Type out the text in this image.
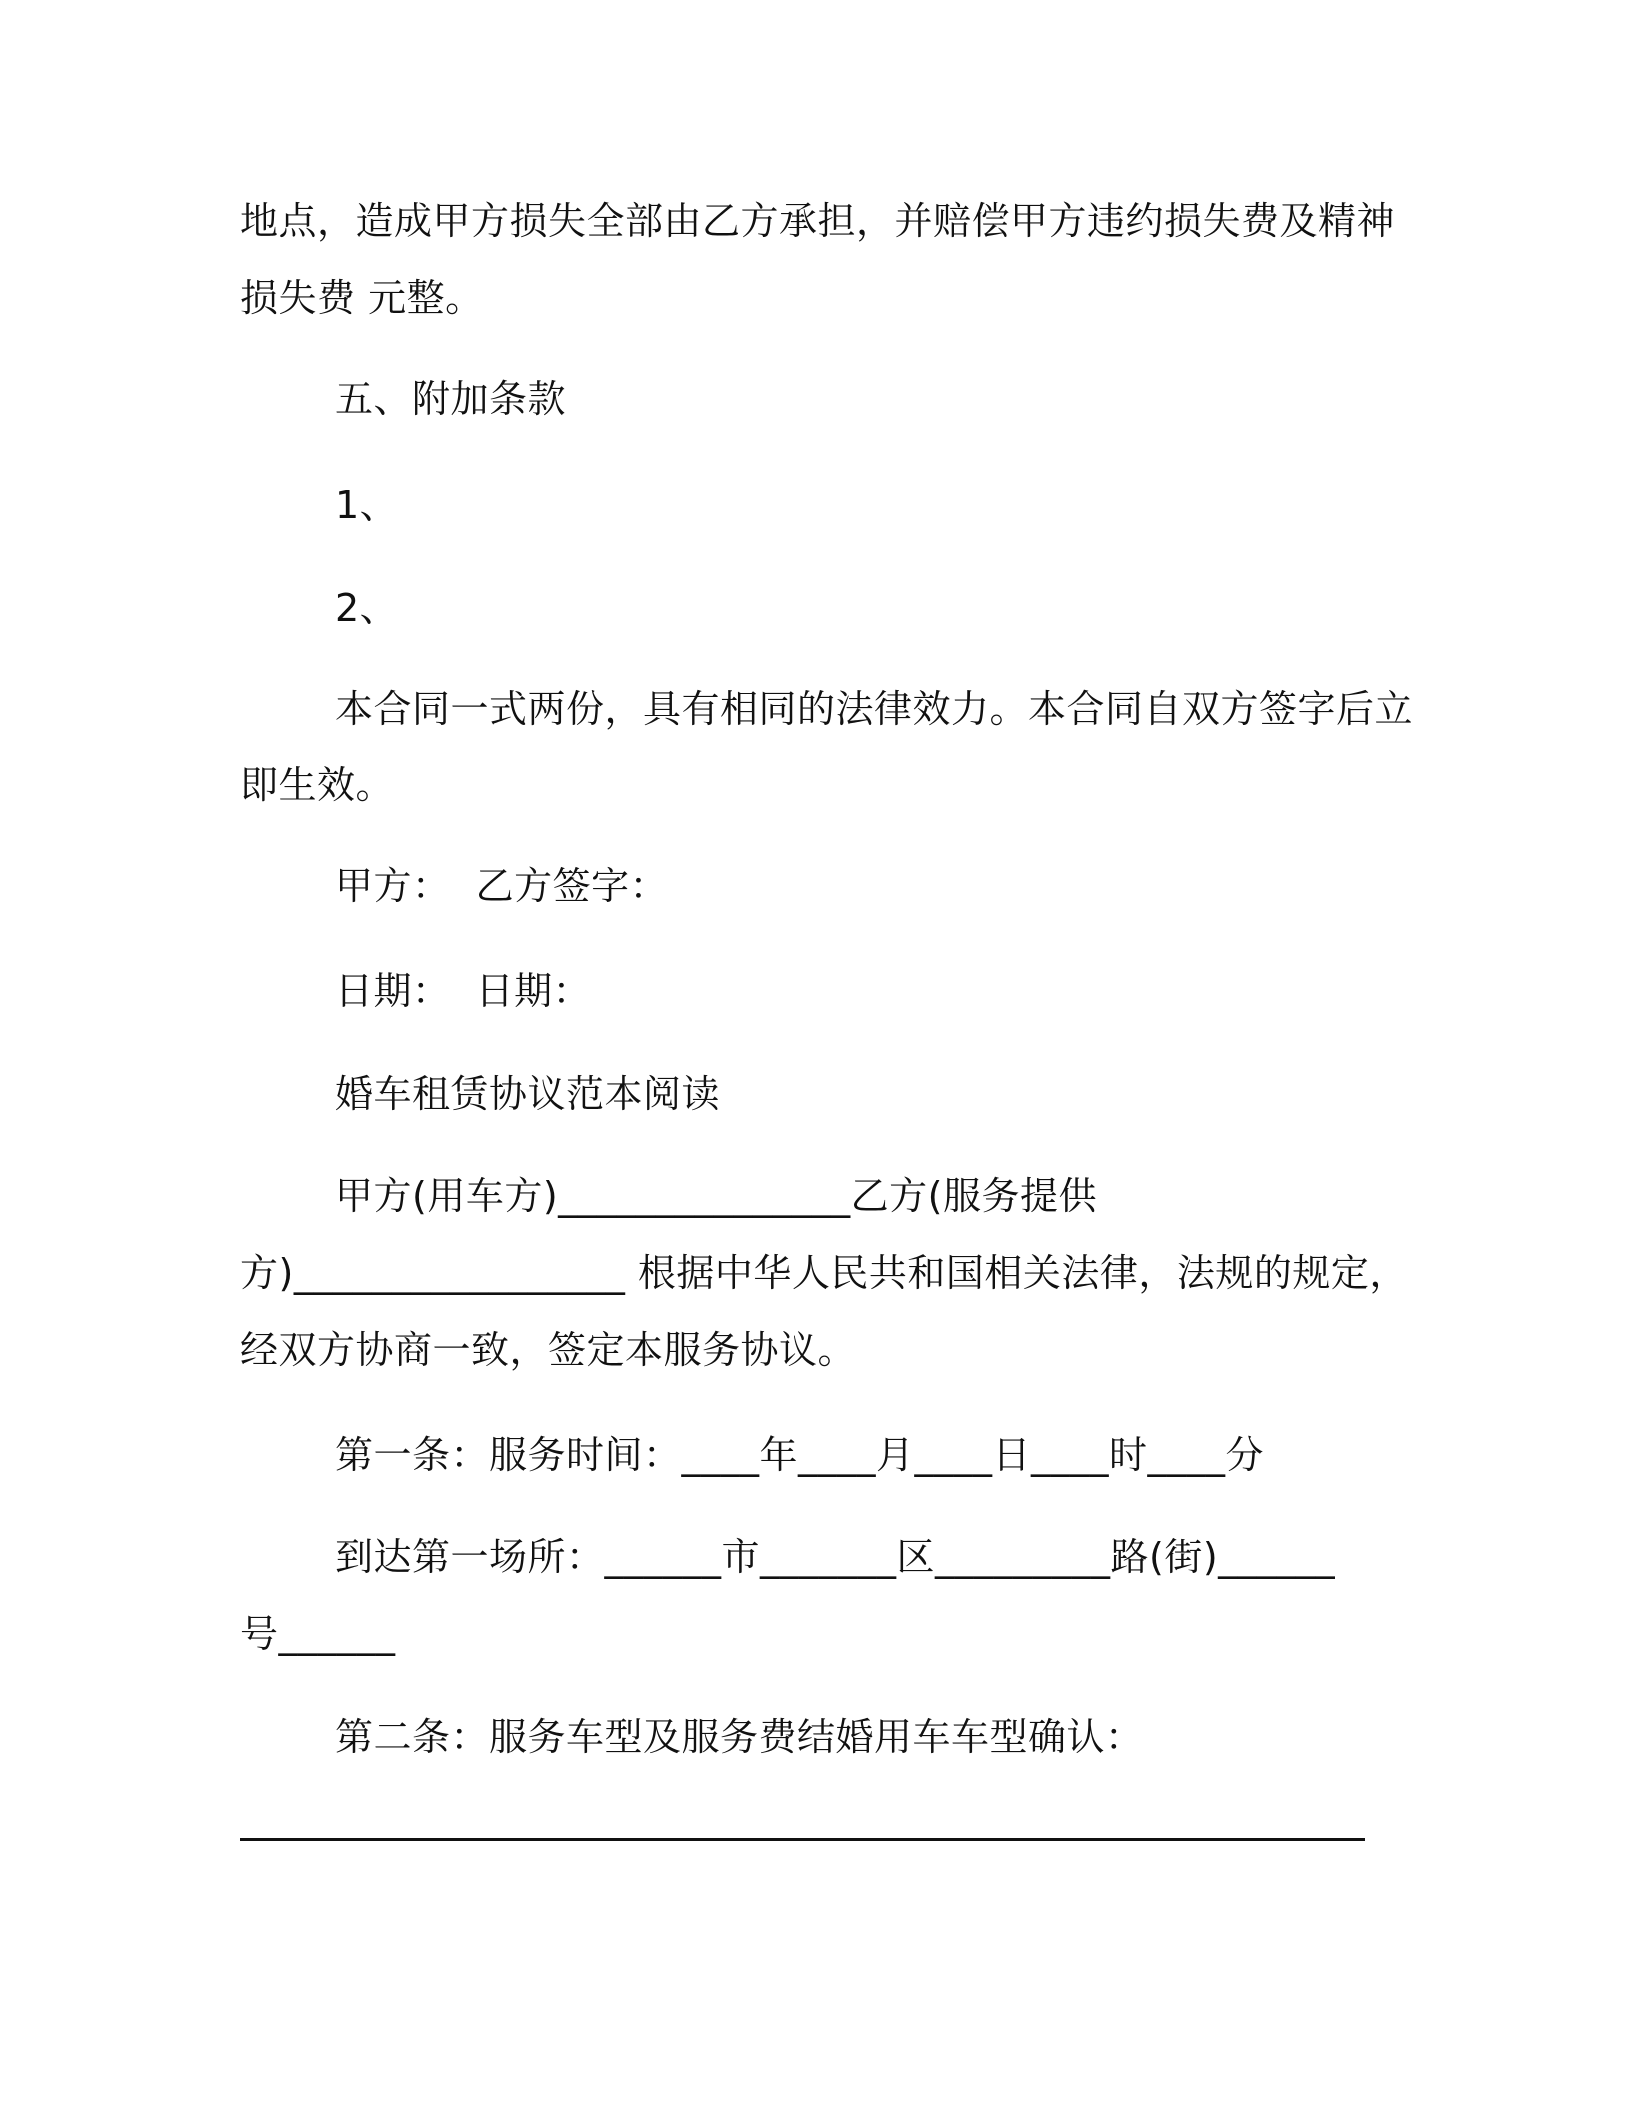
地点，造成甲方损失全部由乙方承担，并赔偿甲方违约损失费及精神
损失费 元整。
五、附加条款
1、
2、
本合同一式两份，具有相同的法律效力。本合同自双方签字后立
即生效。
甲方：  乙方签字：
日期：  日期：
婚车租赁协议范本阅读
甲方(用车方)_______________乙方(服务提供
方)_________________ 根据中华人民共和国相关法律，法规的规定，
经双方协商一致，签定本服务协议。
第一条：服务时间：____年____月____日____时____分
到达第一场所：______市_______区_________路(街)______
号______
第二条：服务车型及服务费结婚用车车型确认：
